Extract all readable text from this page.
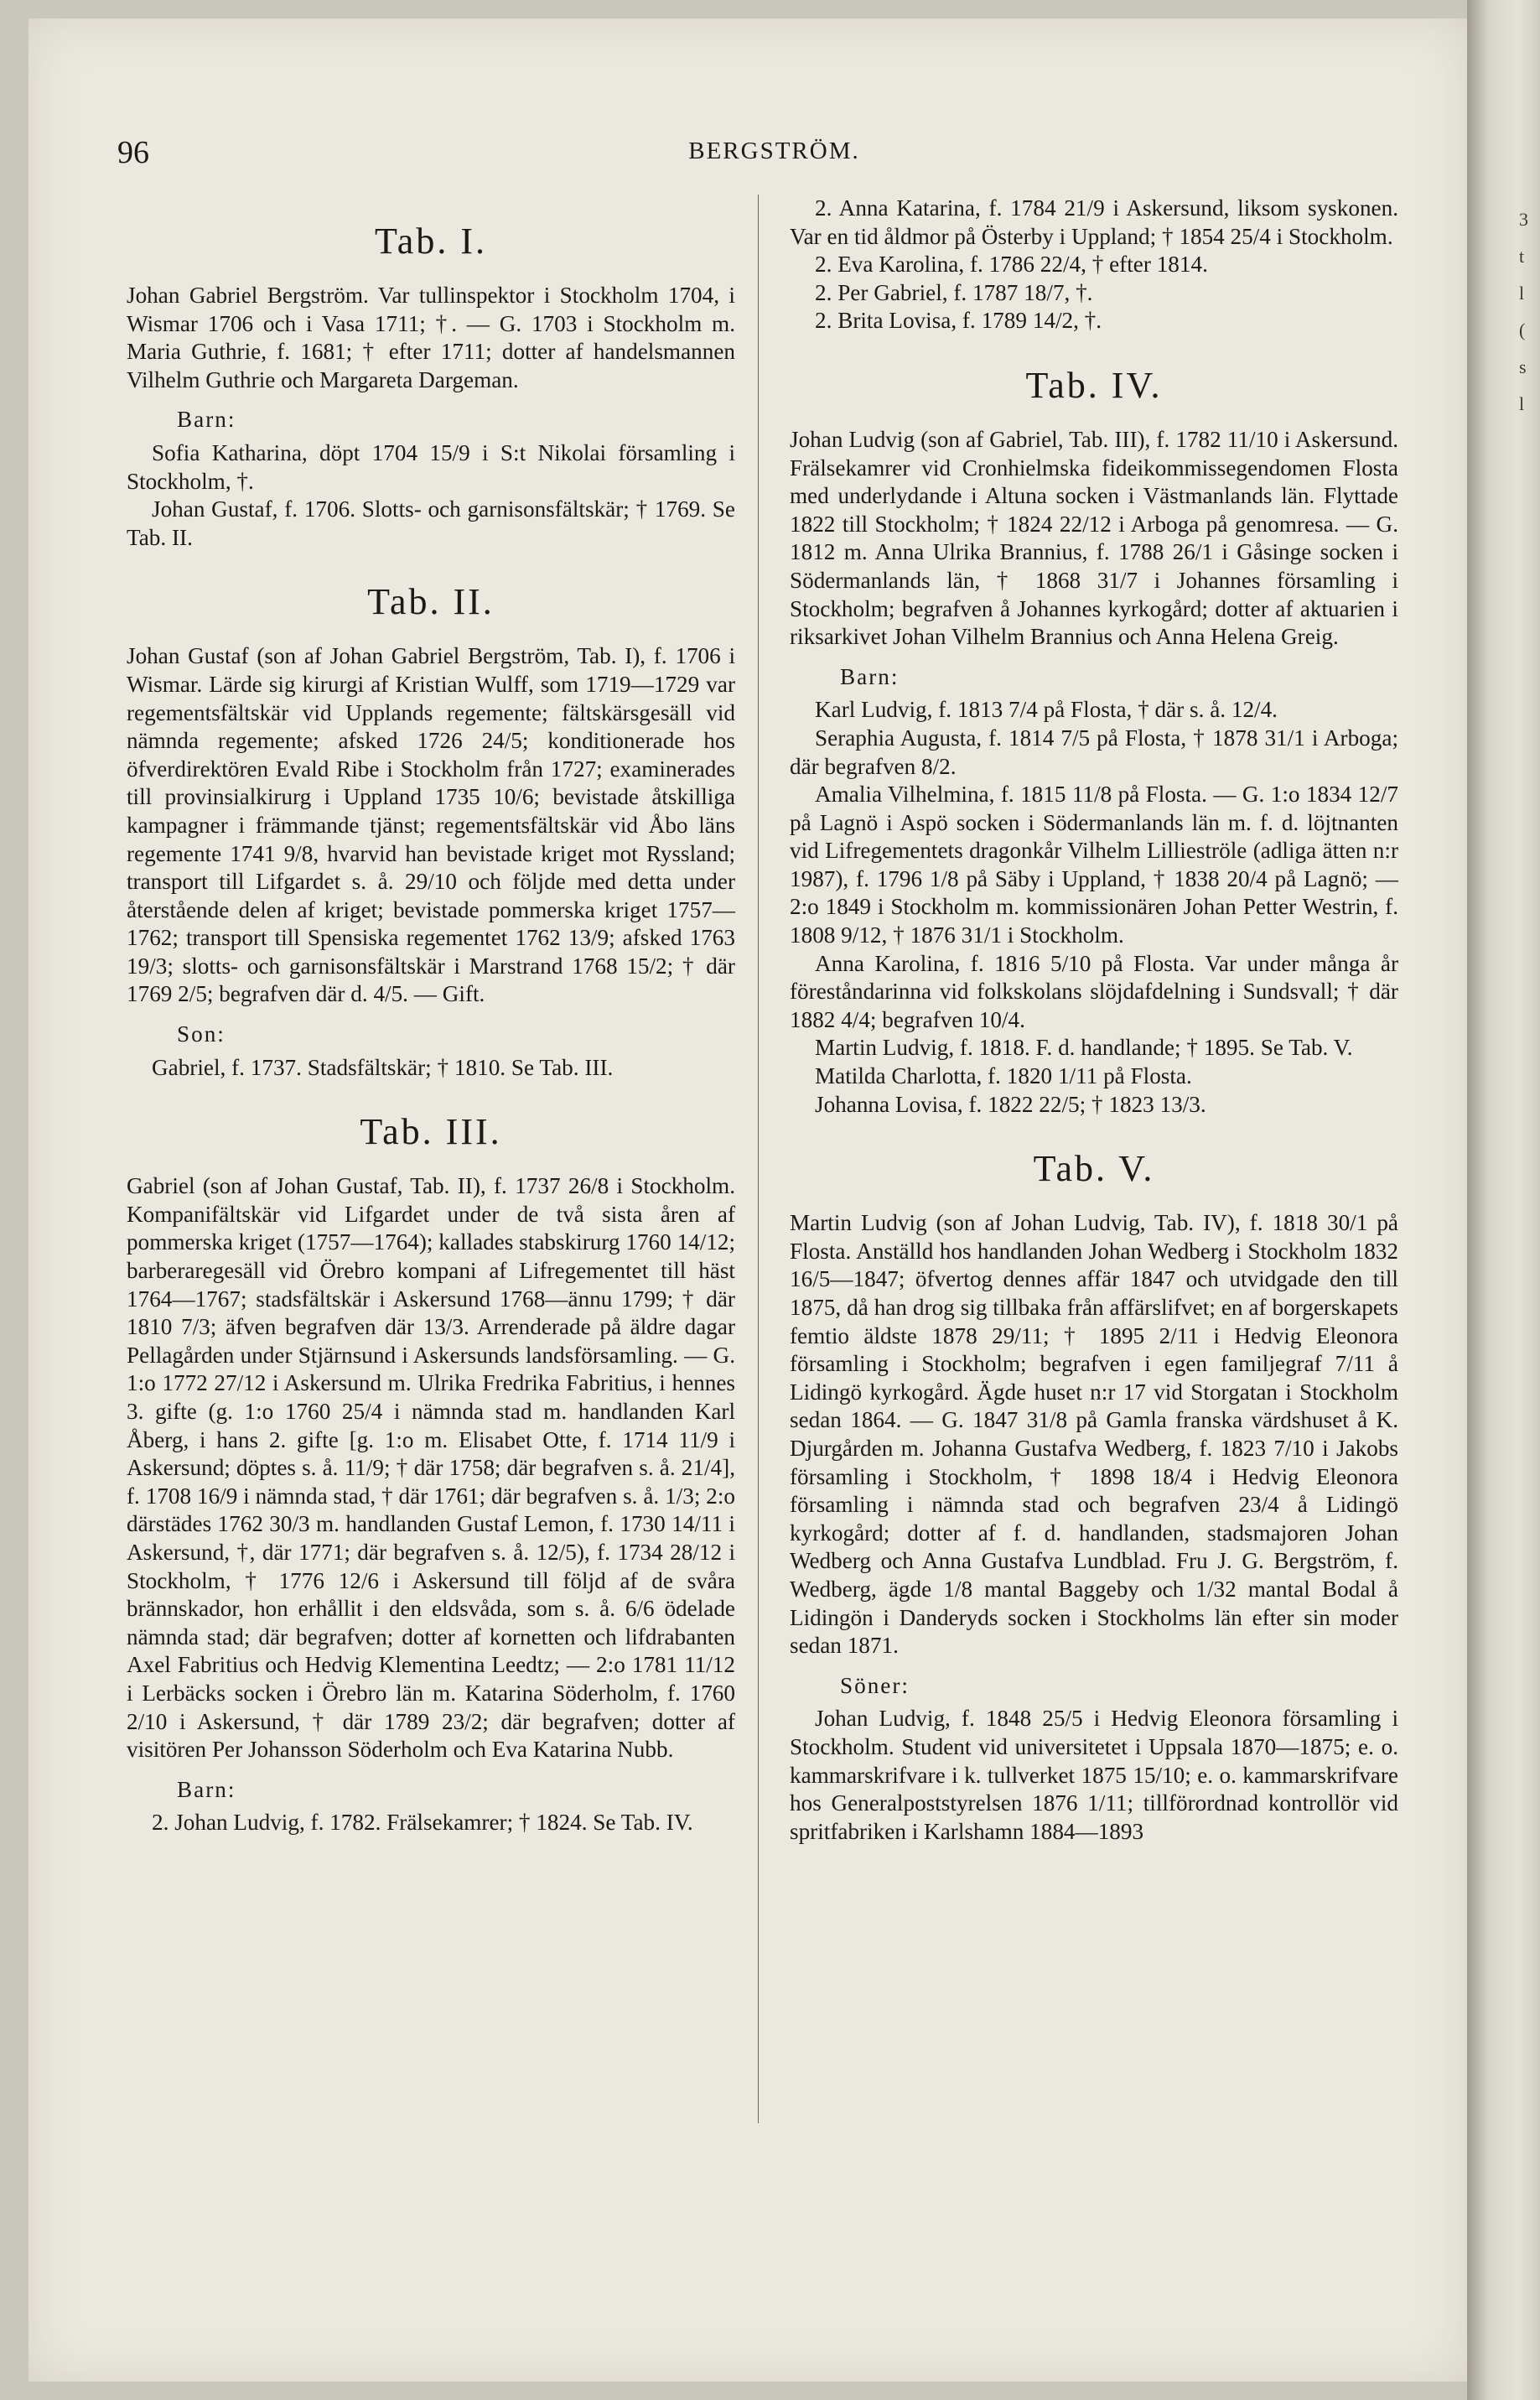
3
t
l
(
s
l
96	BERGSTRÖM.
Tab. I.

Johan Gabriel Bergström. Var tullinspektor i Stockholm 1704, i Wismar 1706 och i Vasa 1711; †. — G. 1703 i Stockholm m. Maria Guthrie, f. 1681; † efter 1711; dotter af handelsmannen Vilhelm Guthrie och Margareta Dargeman.

Barn:

Sofia Katharina, döpt 1704 15/9 i S:t Nikolai församling i Stockholm, †.

Johan Gustaf, f. 1706. Slotts- och garnisonsfältskär; † 1769. Se Tab. II.

Tab. II.

Johan Gustaf (son af Johan Gabriel Bergström, Tab. I), f. 1706 i Wismar. Lärde sig kirurgi af Kristian Wulff, som 1719—1729 var regementsfältskär vid Upplands regemente; fältskärsgesäll vid nämnda regemente; afsked 1726 24/5; konditionerade hos öfverdirektören Evald Ribe i Stockholm från 1727; examinerades till provinsialkirurg i Uppland 1735 10/6; bevistade åtskilliga kampagner i främmande tjänst; regementsfältskär vid Åbo läns regemente 1741 9/8, hvarvid han bevistade kriget mot Ryssland; transport till Lifgardet s. å. 29/10 och följde med detta under återstående delen af kriget; bevistade pommerska kriget 1757—1762; transport till Spensiska regementet 1762 13/9; afsked 1763 19/3; slotts- och garnisonsfältskär i Marstrand 1768 15/2; † där 1769 2/5; begrafven där d. 4/5. — Gift.

Son:

Gabriel, f. 1737. Stadsfältskär; † 1810. Se Tab. III.

Tab. III.

Gabriel (son af Johan Gustaf, Tab. II), f. 1737 26/8 i Stockholm. Kompanifältskär vid Lifgardet under de två sista åren af pommerska kriget (1757—1764); kallades stabskirurg 1760 14/12; barberaregesäll vid Örebro kompani af Lifregementet till häst 1764—1767; stadsfältskär i Askersund 1768—ännu 1799; † där 1810 7/3; äfven begrafven där 13/3. Arrenderade på äldre dagar Pellagården under Stjärnsund i Askersunds landsförsamling. — G. 1:o 1772 27/12 i Askersund m. Ulrika Fredrika Fabritius, i hennes 3. gifte (g. 1:o 1760 25/4 i nämnda stad m. handlanden Karl Åberg, i hans 2. gifte [g. 1:o m. Elisabet Otte, f. 1714 11/9 i Askersund; döptes s. å. 11/9; † där 1758; där begrafven s. å. 21/4], f. 1708 16/9 i nämnda stad, † där 1761; där begrafven s. å. 1/3; 2:o därstädes 1762 30/3 m. handlanden Gustaf Lemon, f. 1730 14/11 i Askersund, †, där 1771; där begrafven s. å. 12/5), f. 1734 28/12 i Stockholm, † 1776 12/6 i Askersund till följd af de svåra brännskador, hon erhållit i den eldsvåda, som s. å. 6/6 ödelade nämnda stad; där begrafven; dotter af kornetten och lifdrabanten Axel Fabritius och Hedvig Klementina Leedtz; — 2:o 1781 11/12 i Lerbäcks socken i Örebro län m. Katarina Söderholm, f. 1760 2/10 i Askersund, † där 1789 23/2; där begrafven; dotter af visitören Per Johansson Söderholm och Eva Katarina Nubb.

Barn:

2. Johan Ludvig, f. 1782. Frälsekamrer; † 1824. Se Tab. IV.

2. Anna Katarina, f. 1784 21/9 i Askersund, liksom syskonen. Var en tid åldmor på Österby i Uppland; † 1854 25/4 i Stockholm.

2. Eva Karolina, f. 1786 22/4, † efter 1814.

2. Per Gabriel, f. 1787 18/7, †.

2. Brita Lovisa, f. 1789 14/2, †.

Tab. IV.

Johan Ludvig (son af Gabriel, Tab. III), f. 1782 11/10 i Askersund. Frälsekamrer vid Cronhielmska fideikommissegendomen Flosta med underlydande i Altuna socken i Västmanlands län. Flyttade 1822 till Stockholm; † 1824 22/12 i Arboga på genomresa. — G. 1812 m. Anna Ulrika Brannius, f. 1788 26/1 i Gåsinge socken i Södermanlands län, † 1868 31/7 i Johannes församling i Stockholm; begrafven å Johannes kyrkogård; dotter af aktuarien i riksarkivet Johan Vilhelm Brannius och Anna Helena Greig.

Barn:

Karl Ludvig, f. 1813 7/4 på Flosta, † där s. å. 12/4.

Seraphia Augusta, f. 1814 7/5 på Flosta, † 1878 31/1 i Arboga; där begrafven 8/2.

Amalia Vilhelmina, f. 1815 11/8 på Flosta. — G. 1:o 1834 12/7 på Lagnö i Aspö socken i Södermanlands län m. f. d. löjtnanten vid Lifregementets dragonkår Vilhelm Lillieströle (adliga ätten n:r 1987), f. 1796 1/8 på Säby i Uppland, † 1838 20/4 på Lagnö; — 2:o 1849 i Stockholm m. kommissionären Johan Petter Westrin, f. 1808 9/12, † 1876 31/1 i Stockholm.

Anna Karolina, f. 1816 5/10 på Flosta. Var under många år föreståndarinna vid folkskolans slöjdafdelning i Sundsvall; † där 1882 4/4; begrafven 10/4.

Martin Ludvig, f. 1818. F. d. handlande; † 1895. Se Tab. V.

Matilda Charlotta, f. 1820 1/11 på Flosta.

Johanna Lovisa, f. 1822 22/5; † 1823 13/3.

Tab. V.

Martin Ludvig (son af Johan Ludvig, Tab. IV), f. 1818 30/1 på Flosta. Anställd hos handlanden Johan Wedberg i Stockholm 1832 16/5—1847; öfvertog dennes affär 1847 och utvidgade den till 1875, då han drog sig tillbaka från affärslifvet; en af borgerskapets femtio äldste 1878 29/11; † 1895 2/11 i Hedvig Eleonora församling i Stockholm; begrafven i egen familjegraf 7/11 å Lidingö kyrkogård. Ägde huset n:r 17 vid Storgatan i Stockholm sedan 1864. — G. 1847 31/8 på Gamla franska värdshuset å K. Djurgården m. Johanna Gustafva Wedberg, f. 1823 7/10 i Jakobs församling i Stockholm, † 1898 18/4 i Hedvig Eleonora församling i nämnda stad och begrafven 23/4 å Lidingö kyrkogård; dotter af f. d. handlanden, stadsmajoren Johan Wedberg och Anna Gustafva Lundblad. Fru J. G. Bergström, f. Wedberg, ägde 1/8 mantal Baggeby och 1/32 mantal Bodal å Lidingön i Danderyds socken i Stockholms län efter sin moder sedan 1871.

Söner:

Johan Ludvig, f. 1848 25/5 i Hedvig Eleonora församling i Stockholm. Student vid universitetet i Uppsala 1870—1875; e. o. kammarskrifvare i k. tullverket 1875 15/10; e. o. kammarskrifvare hos Generalpoststyrelsen 1876 1/11; tillförordnad kontrollör vid spritfabriken i Karlshamn 1884—1893
